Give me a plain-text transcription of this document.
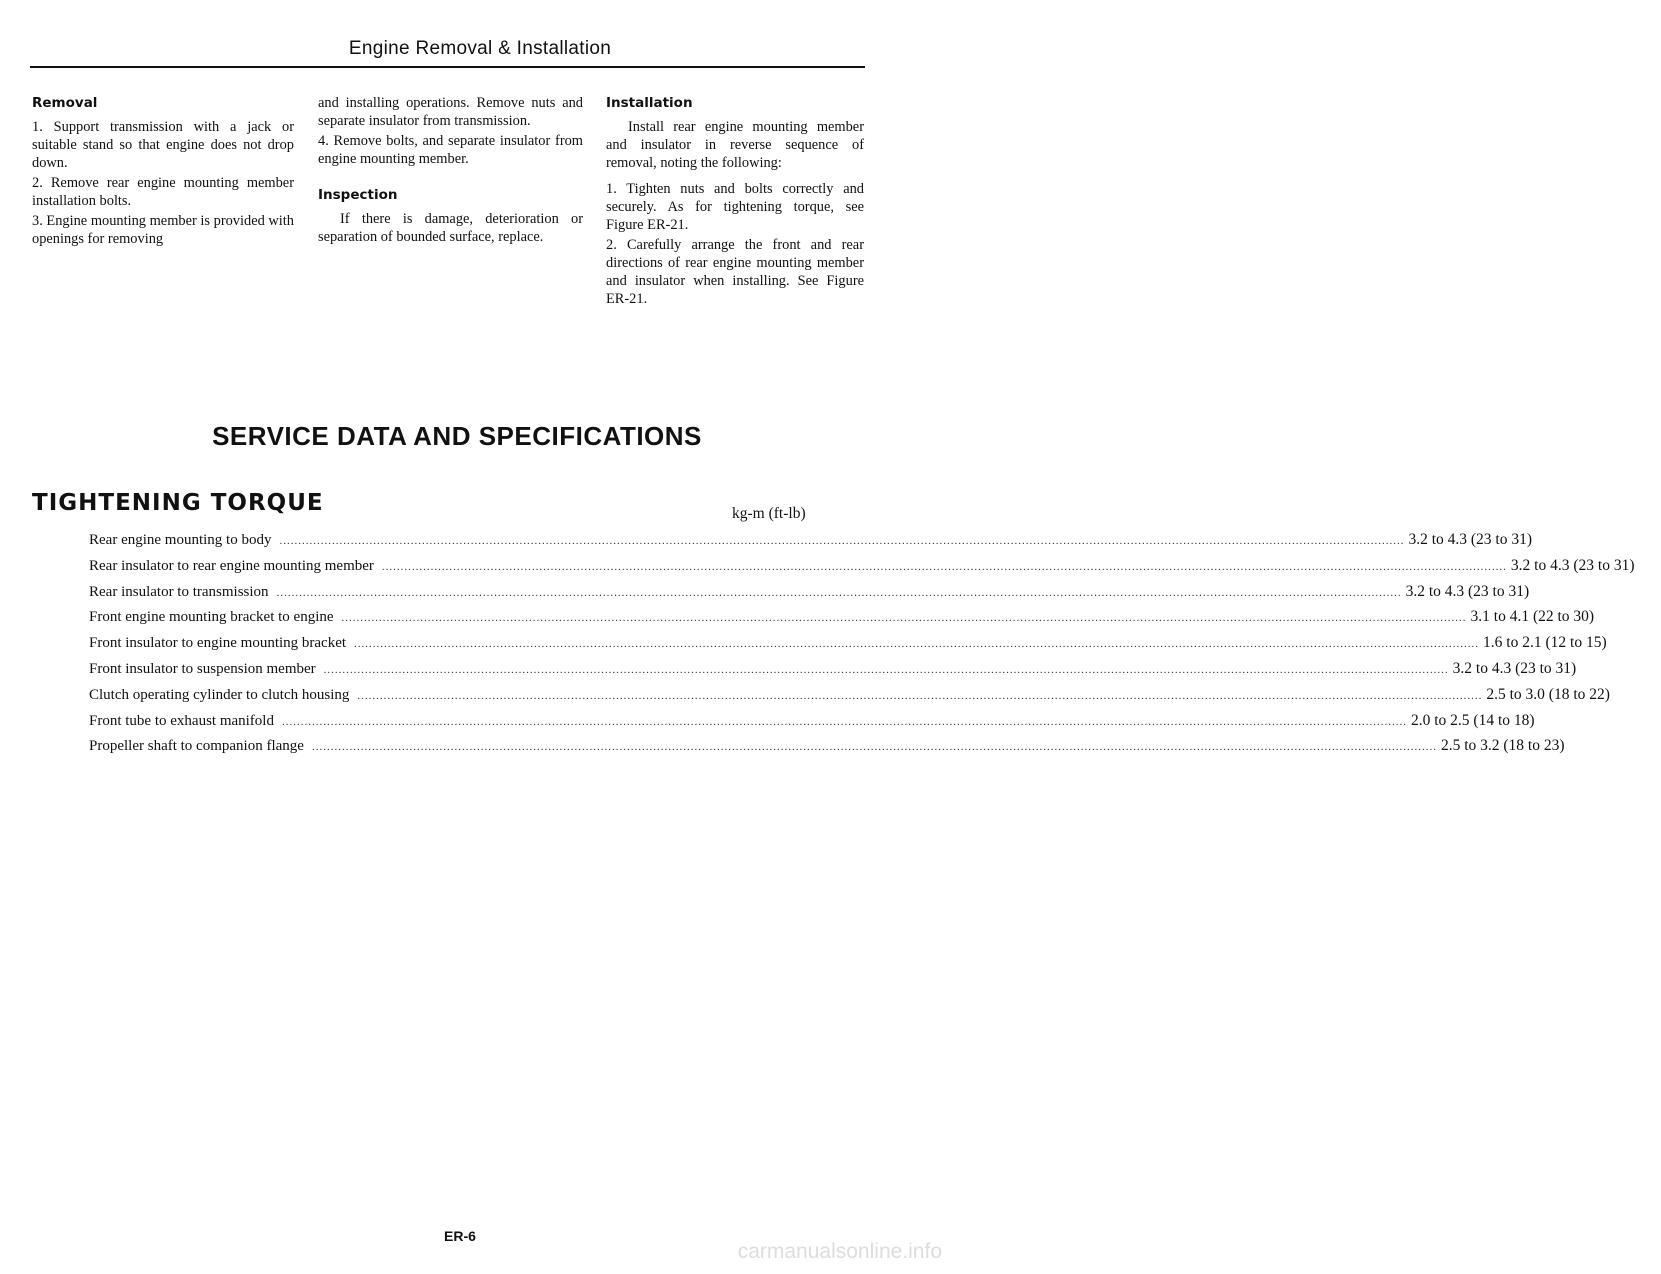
Engine Removal & Installation
Removal

1. Support transmission with a jack or suitable stand so that engine does not drop down.

2. Remove rear engine mounting member installation bolts.

3. Engine mounting member is provided with openings for removing

and installing operations. Remove nuts and separate insulator from transmission.

4. Remove bolts, and separate insulator from engine mounting member.

Inspection

If there is damage, deterioration or separation of bounded surface, replace.

Installation

Install rear engine mounting member and insulator in reverse sequence of removal, noting the following:

1. Tighten nuts and bolts correctly and securely. As for tightening torque, see Figure ER-21.

2. Carefully arrange the front and rear directions of rear engine mounting member and insulator when installing. See Figure ER-21.

SERVICE DATA AND SPECIFICATIONS
TIGHTENING TORQUE	kg-m (ft-lb)
Rear engine mounting to body ............................................................................................................................................................................................................................................................................................................ 3.2 to 4.3 (23 to 31)
Rear insulator to rear engine mounting member ............................................................................................................................................................................................................................................................................................................ 3.2 to 4.3 (23 to 31)
Rear insulator to transmission ............................................................................................................................................................................................................................................................................................................ 3.2 to 4.3 (23 to 31)
Front engine mounting bracket to engine ............................................................................................................................................................................................................................................................................................................ 3.1 to 4.1 (22 to 30)
Front insulator to engine mounting bracket ............................................................................................................................................................................................................................................................................................................ 1.6 to 2.1 (12 to 15)
Front insulator to suspension member ............................................................................................................................................................................................................................................................................................................ 3.2 to 4.3 (23 to 31)
Clutch operating cylinder to clutch housing ............................................................................................................................................................................................................................................................................................................ 2.5 to 3.0 (18 to 22)
Front tube to exhaust manifold ............................................................................................................................................................................................................................................................................................................ 2.0 to 2.5 (14 to 18)
Propeller shaft to companion flange ............................................................................................................................................................................................................................................................................................................ 2.5 to 3.2 (18 to 23)
ER-6
carmanualsonline.info
